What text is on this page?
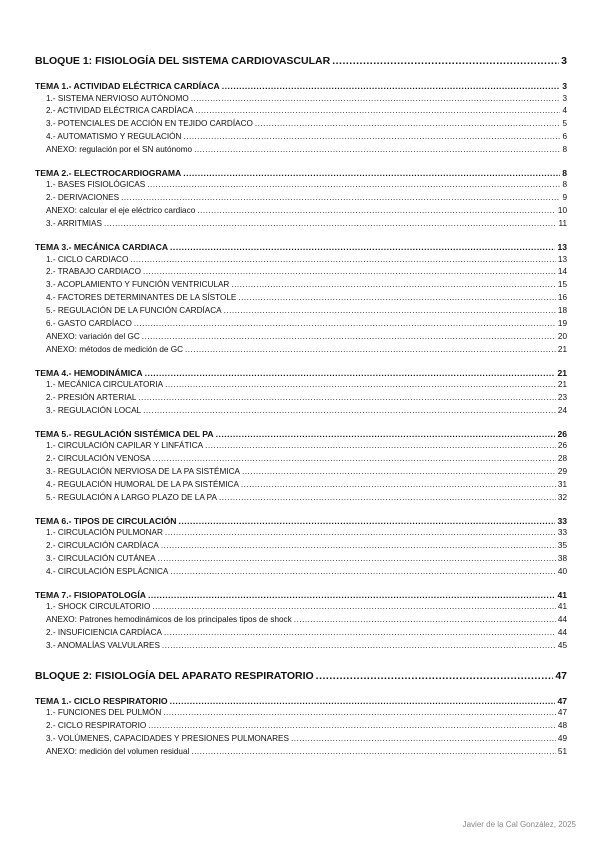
BLOQUE 1: FISIOLOGÍA DEL SISTEMA CARDIOVASCULAR .....	3
TEMA 1.- ACTIVIDAD ELÉCTRICA CARDÍACA .....	3
1.- SISTEMA NERVIOSO AUTÓNOMO .....	3
2.- ACTIVIDAD ELÉCTRICA CARDÍACA .....	4
3.- POTENCIALES DE ACCIÓN EN TEJIDO CARDÍACO .....	5
4.- AUTOMATISMO Y REGULACIÓN .....	6
ANEXO: regulación por el SN autónomo .....	8
TEMA 2.- ELECTROCARDIOGRAMA .....	8
1.- BASES FISIOLÓGICAS .....	8
2.- DERIVACIONES .....	9
ANEXO: calcular el eje eléctrico cardiaco .....	10
3.- ARRITMIAS .....	11
TEMA 3.- MECÁNICA CARDIACA .....	13
1.- CICLO CARDIACO .....	13
2.- TRABAJO CARDIACO .....	14
3.- ACOPLAMIENTO Y FUNCIÓN VENTRICULAR .....	15
4.- FACTORES DETERMINANTES DE LA SÍSTOLE .....	16
5.- REGULACIÓN DE LA FUNCIÓN CARDÍACA .....	18
6.- GASTO CARDÍACO .....	19
ANEXO: variación del GC .....	20
ANEXO: métodos de medición de GC .....	21
TEMA 4.- HEMODINÁMICA .....	21
1.- MECÁNICA CIRCULATORIA .....	21
2.- PRESIÓN ARTERIAL .....	23
3.- REGULACIÓN LOCAL .....	24
TEMA 5.- REGULACIÓN SISTÉMICA DEL PA .....	26
1.- CIRCULACIÓN CAPILAR Y LINFÁTICA .....	26
2.- CIRCULACIÓN VENOSA .....	28
3.- REGULACIÓN NERVIOSA DE LA PA SISTÉMICA .....	29
4.- REGULACIÓN HUMORAL DE LA PA SISTÉMICA .....	31
5.- REGULACIÓN A LARGO PLAZO DE LA PA .....	32
TEMA 6.- TIPOS DE CIRCULACIÓN .....	33
1.- CIRCULACIÓN PULMONAR .....	33
2.- CIRCULACIÓN CARDÍACA .....	35
3.- CIRCULACIÓN CUTÁNEA .....	38
4.- CIRCULACIÓN ESPLÁCNICA .....	40
TEMA 7.- FISIOPATOLOGÍA .....	41
1.- SHOCK CIRCULATORIO .....	41
ANEXO: Patrones hemodinámicos de los principales tipos de shock .....	44
2.- INSUFICIENCIA CARDÍACA .....	44
3.- ANOMALÍAS VALVULARES .....	45
BLOQUE 2: FISIOLOGÍA DEL APARATO RESPIRATORIO .....	47
TEMA 1.- CICLO RESPIRATORIO .....	47
1.- FUNCIONES DEL PULMÓN .....	47
2.- CICLO RESPIRATORIO .....	48
3.- VOLÚMENES, CAPACIDADES Y PRESIONES PULMONARES .....	49
ANEXO: medición del volumen residual .....	51
Javier de la Cal González, 2025
